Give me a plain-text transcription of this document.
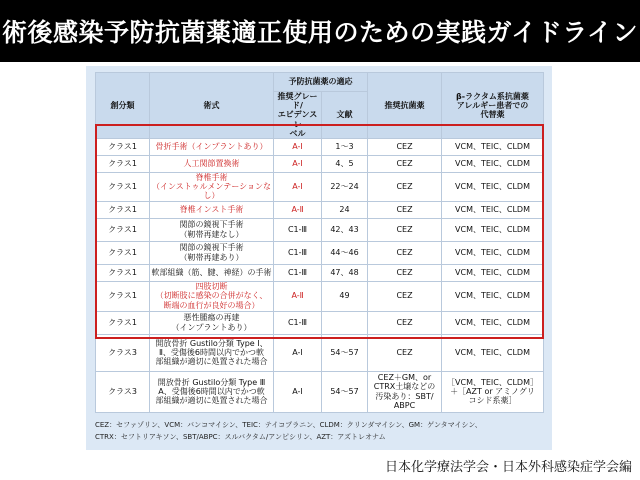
術後感染予防抗菌薬適正使用のための実践ガイドライン
創分類	術式	予防抗菌薬の適応		推奨抗菌薬	β-ラクタム系抗菌薬
アレルギー患者での
代替薬
		推奨グレード/
エビデンスレ
ベル	文献		
クラス1	骨折手術（インプラントあり）	A-Ⅰ	1～3	CEZ	VCM、TEIC、CLDM
クラス1	人工関節置換術	A-Ⅰ	4、5	CEZ	VCM、TEIC、CLDM
クラス1	脊椎手術
（インストゥルメンテーションなし）	A-Ⅰ	22～24	CEZ	VCM、TEIC、CLDM
クラス1	脊椎インスト手術	A-Ⅱ	24	CEZ	VCM、TEIC、CLDM
クラス1	関節の鏡視下手術
（靭帯再建なし）	C1-Ⅲ	42、43	CEZ	VCM、TEIC、CLDM
クラス1	関節の鏡視下手術
（靭帯再建あり）	C1-Ⅲ	44～46	CEZ	VCM、TEIC、CLDM
クラス1	軟部組織（筋、腱、神経）の手術	C1-Ⅲ	47、48	CEZ	VCM、TEIC、CLDM
クラス1	四肢切断
（切断肢に感染の合併がなく、
断端の血行が良好の場合）	A-Ⅱ	49	CEZ	VCM、TEIC、CLDM
クラス1	悪性腫瘍の再建
（インプラントあり）	C1-Ⅲ		CEZ	VCM、TEIC、CLDM
クラス3	開放骨折 Gustilo分類 Type Ⅰ、
Ⅱ、受傷後6時間以内でかつ軟
部組織が適切に処置された場合	A-Ⅰ	54～57	CEZ	VCM、TEIC、CLDM
クラス3	開放骨折 Gustilo分類 Type Ⅲ
A、受傷後6時間以内でかつ軟
部組織が適切に処置された場合	A-Ⅰ	54～57	CEZ＋GM、or
CTRX土壌などの
汚染あり：SBT/
ABPC	［VCM、TEIC、CLDM］
＋［AZT or アミノグリ
コシド系薬］
CEZ：セファゾリン、VCM：バンコマイシン、TEIC：テイコプラニン、CLDM：クリンダマイシン、GM：ゲンタマイシン、
CTRX：セフトリアキソン、SBT/ABPC：スルバクタム/アンピシリン、AZT：アズトレオナム
日本化学療法学会・日本外科感染症学会編
